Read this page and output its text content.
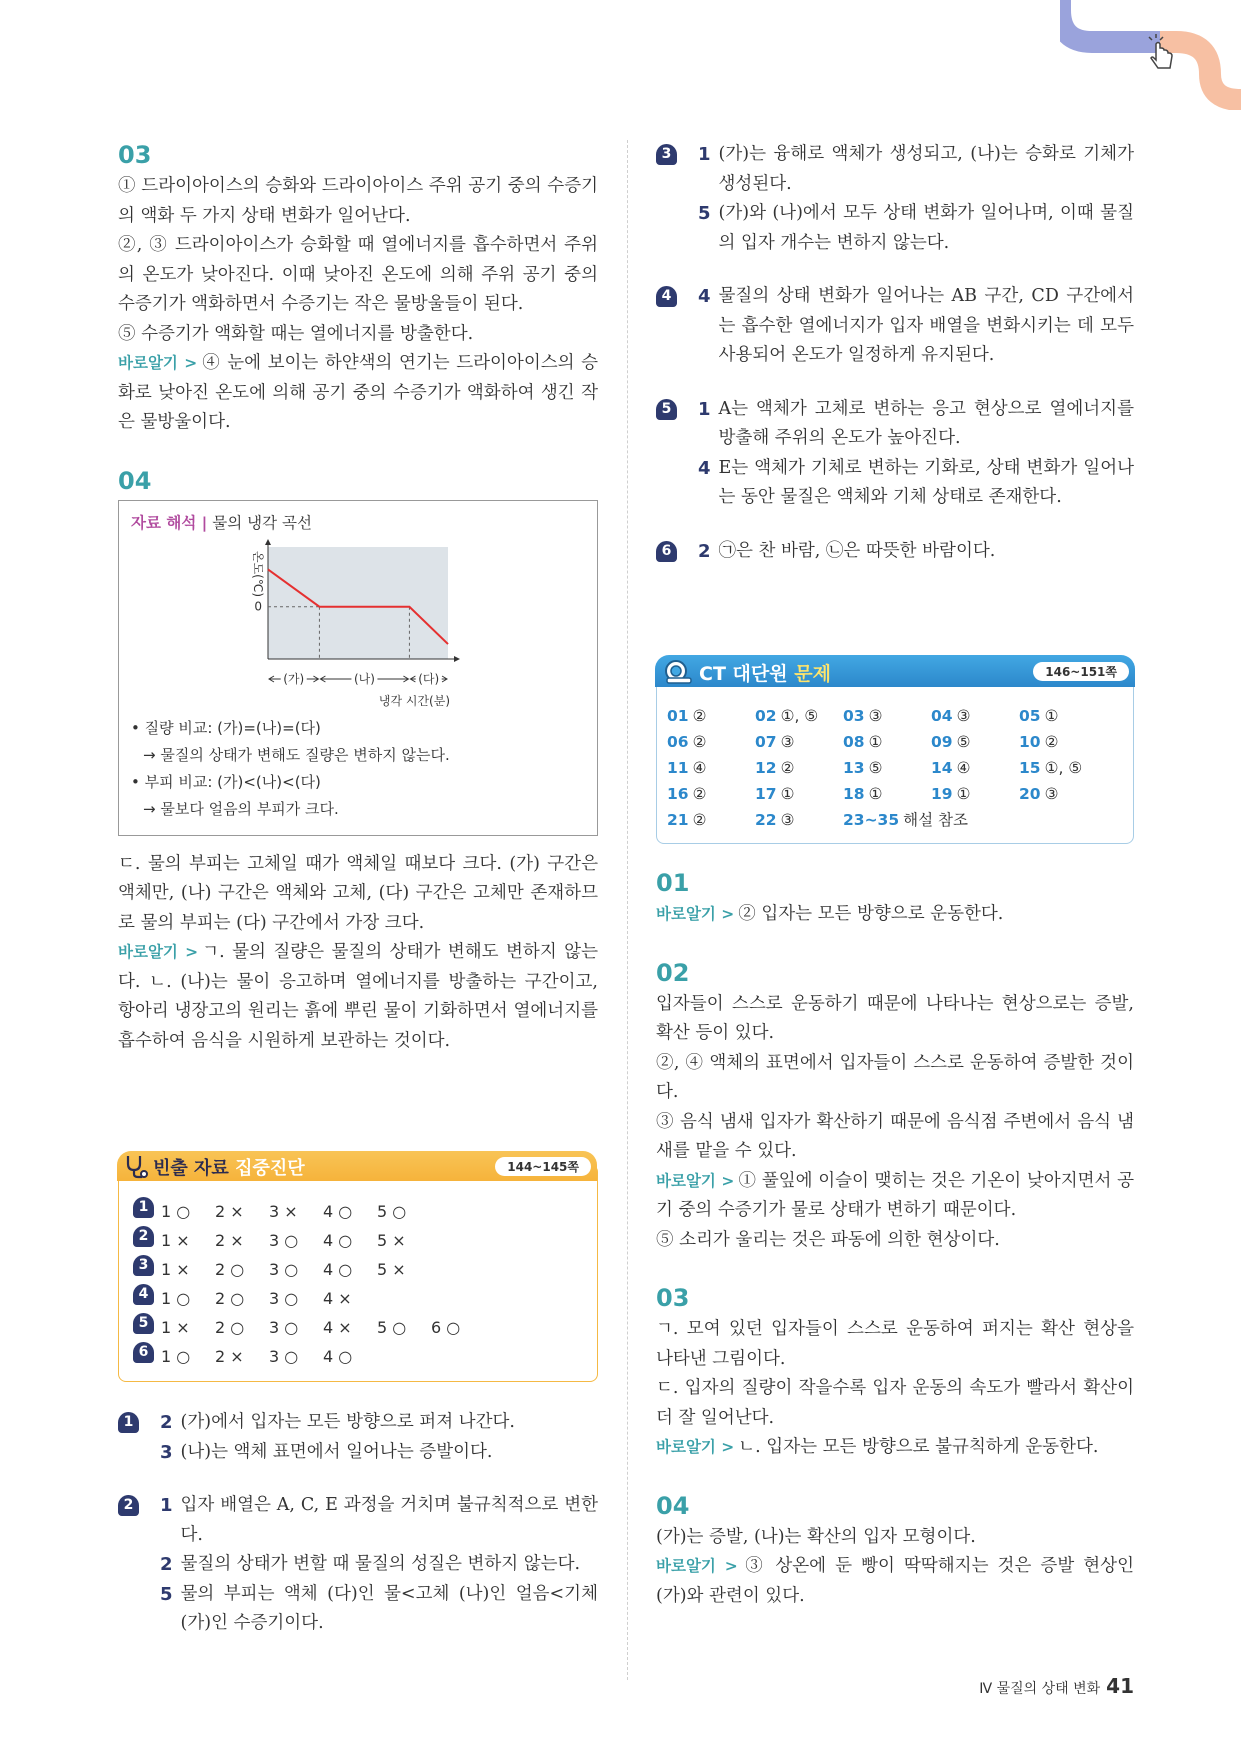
03

① 드라이아이스의 승화와 드라이아이스 주위 공기 중의 수증기의 액화 두 가지 상태 변화가 일어난다.

②, ③ 드라이아이스가 승화할 때 열에너지를 흡수하면서 주위의 온도가 낮아진다. 이때 낮아진 온도에 의해 주위 공기 중의 수증기가 액화하면서 수증기는 작은 물방울들이 된다.

⑤ 수증기가 액화할 때는 열에너지를 방출한다.

바로알기 > ④ 눈에 보이는 하얀색의 연기는 드라이아이스의 승화로 낮아진 온도에 의해 공기 중의 수증기가 액화하여 생긴 작은 물방울이다.

04
자료 해석 | 물의 냉각 곡선
0
온도(℃)
(가)	(나)	(다)
냉각 시간(분)
• 질량 비교: (가)=(나)=(다)
→ 물질의 상태가 변해도 질량은 변하지 않는다.
• 부피 비교: (가)<(나)<(다)
→ 물보다 얼음의 부피가 크다.

ㄷ. 물의 부피는 고체일 때가 액체일 때보다 크다. (가) 구간은 액체만, (나) 구간은 액체와 고체, (다) 구간은 고체만 존재하므로 물의 부피는 (다) 구간에서 가장 크다.

바로알기 > ㄱ. 물의 질량은 물질의 상태가 변해도 변하지 않는다. ㄴ. (나)는 물이 응고하며 열에너지를 방출하는 구간이고, 항아리 냉장고의 원리는 흙에 뿌린 물이 기화하면서 열에너지를 흡수하여 음식을 시원하게 보관하는 것이다.

빈출 자료 집중진단	144~145쪽
1 1 ○	2 ×	3 ×	4 ○	5 ○
2 1 ×	2 ×	3 ○	4 ○	5 ×
3 1 ×	2 ○	3 ○	4 ○	5 ×
4 1 ○	2 ○	3 ○	4 ×
5 1 ×	2 ○	3 ○	4 ×	5 ○	6 ○
6 1 ○	2 ×	3 ○	4 ○
1	2 (가)에서 입자는 모든 방향으로 퍼져 나간다.
3 (나)는 액체 표면에서 일어나는 증발이다.
2	1 입자 배열은 A, C, E 과정을 거치며 불규칙적으로 변한다.
2 물질의 상태가 변할 때 물질의 성질은 변하지 않는다.
5 물의 부피는 액체 (다)인 물<고체 (나)인 얼음<기체 (가)인 수증기이다.
3	1 (가)는 융해로 액체가 생성되고, (나)는 승화로 기체가 생성된다.
5 (가)와 (나)에서 모두 상태 변화가 일어나며, 이때 물질의 입자 개수는 변하지 않는다.
4	4 물질의 상태 변화가 일어나는 AB 구간, CD 구간에서는 흡수한 열에너지가 입자 배열을 변화시키는 데 모두 사용되어 온도가 일정하게 유지된다.
5	1 A는 액체가 고체로 변하는 응고 현상으로 열에너지를 방출해 주위의 온도가 높아진다.
4 E는 액체가 기체로 변하는 기화로, 상태 변화가 일어나는 동안 물질은 액체와 기체 상태로 존재한다.
6	2 ㉠은 찬 바람, ㉡은 따뜻한 바람이다.
CT 대단원 문제	146~151쪽
01 ②	02 ①, ⑤	03 ③	04 ③	05 ①
06 ②	07 ③	08 ①	09 ⑤	10 ②
11 ④	12 ②	13 ⑤	14 ④	15 ①, ⑤
16 ②	17 ①	18 ①	19 ①	20 ③
21 ②	22 ③	23~35 해설 참조
01

바로알기 > ② 입자는 모든 방향으로 운동한다.

02

입자들이 스스로 운동하기 때문에 나타나는 현상으로는 증발, 확산 등이 있다.

②, ④ 액체의 표면에서 입자들이 스스로 운동하여 증발한 것이다.

③ 음식 냄새 입자가 확산하기 때문에 음식점 주변에서 음식 냄새를 맡을 수 있다.

바로알기 > ① 풀잎에 이슬이 맺히는 것은 기온이 낮아지면서 공기 중의 수증기가 물로 상태가 변하기 때문이다.

⑤ 소리가 울리는 것은 파동에 의한 현상이다.

03

ㄱ. 모여 있던 입자들이 스스로 운동하여 퍼지는 확산 현상을 나타낸 그림이다.

ㄷ. 입자의 질량이 작을수록 입자 운동의 속도가 빨라서 확산이 더 잘 일어난다.

바로알기 > ㄴ. 입자는 모든 방향으로 불규칙하게 운동한다.

04

(가)는 증발, (나)는 확산의 입자 모형이다.

바로알기 > ③ 상온에 둔 빵이 딱딱해지는 것은 증발 현상인 (가)와 관련이 있다.

Ⅳ 물질의 상태 변화 41
